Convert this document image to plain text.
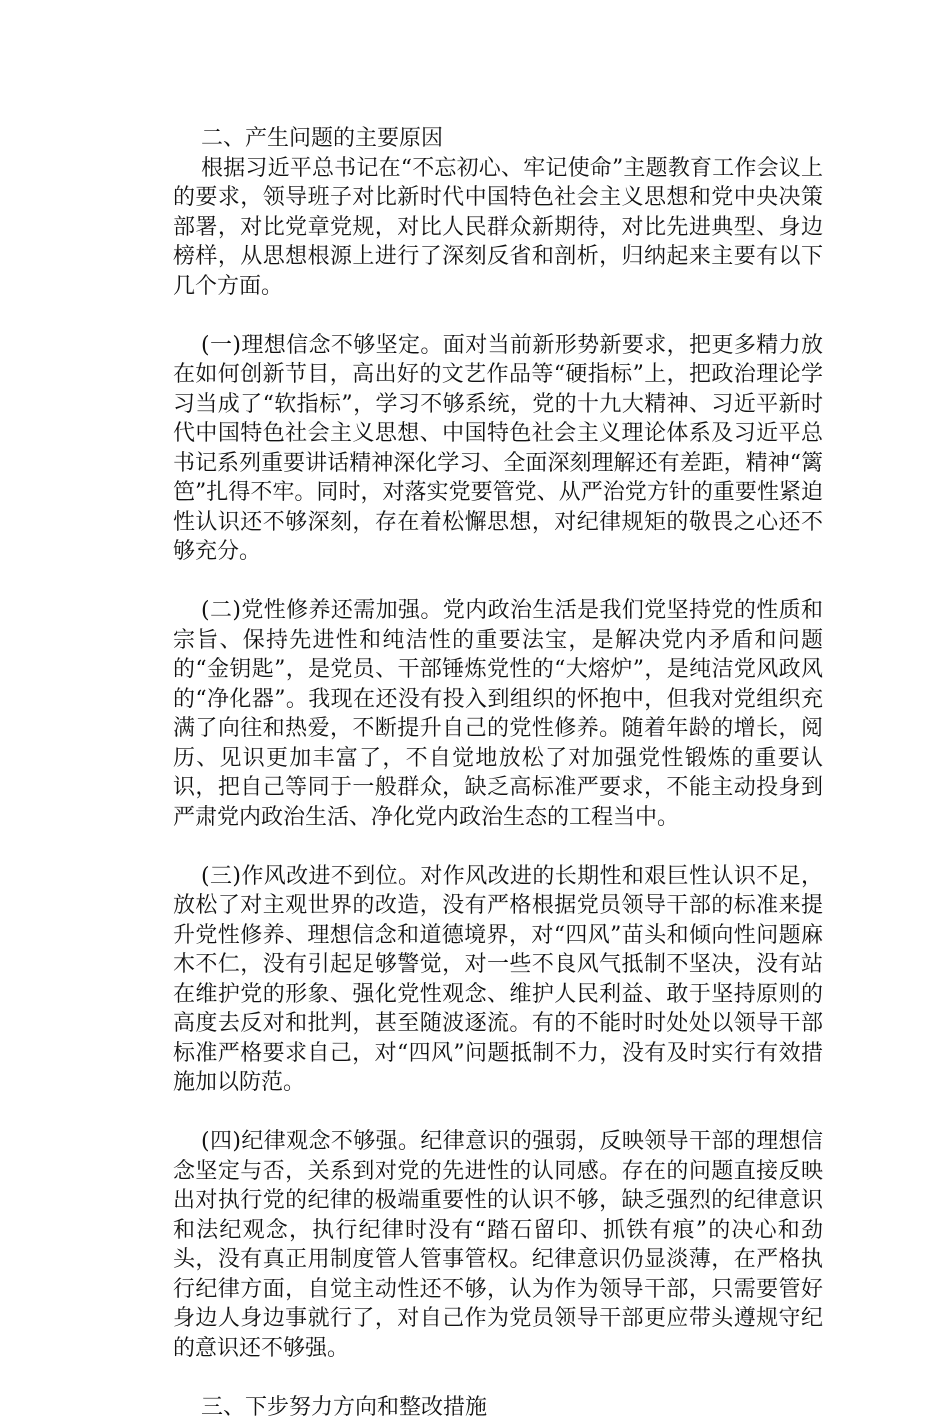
二、产生问题的主要原因

根据习近平总书记在“不忘初心、牢记使命”主题教育工作会议上的要求，领导班子对比新时代中国特色社会主义思想和党中央决策部署，对比党章党规，对比人民群众新期待，对比先进典型、身边榜样，从思想根源上进行了深刻反省和剖析，归纳起来主要有以下几个方面。

(一)理想信念不够坚定。面对当前新形势新要求，把更多精力放在如何创新节目，高出好的文艺作品等“硬指标”上，把政治理论学习当成了“软指标”，学习不够系统，党的十九大精神、习近平新时代中国特色社会主义思想、中国特色社会主义理论体系及习近平总书记系列重要讲话精神深化学习、全面深刻理解还有差距，精神“篱笆”扎得不牢。同时，对落实党要管党、从严治党方针的重要性紧迫性认识还不够深刻，存在着松懈思想，对纪律规矩的敬畏之心还不够充分。

(二)党性修养还需加强。党内政治生活是我们党坚持党的性质和宗旨、保持先进性和纯洁性的重要法宝，是解决党内矛盾和问题的“金钥匙”，是党员、干部锤炼党性的“大熔炉”，是纯洁党风政风的“净化器”。我现在还没有投入到组织的怀抱中，但我对党组织充满了向往和热爱，不断提升自己的党性修养。随着年龄的增长，阅历、见识更加丰富了，不自觉地放松了对加强党性锻炼的重要认识，把自己等同于一般群众，缺乏高标准严要求，不能主动投身到严肃党内政治生活、净化党内政治生态的工程当中。

(三)作风改进不到位。对作风改进的长期性和艰巨性认识不足，放松了对主观世界的改造，没有严格根据党员领导干部的标准来提升党性修养、理想信念和道德境界，对“四风”苗头和倾向性问题麻木不仁，没有引起足够警觉，对一些不良风气抵制不坚决，没有站在维护党的形象、强化党性观念、维护人民利益、敢于坚持原则的高度去反对和批判，甚至随波逐流。有的不能时时处处以领导干部标准严格要求自己，对“四风”问题抵制不力，没有及时实行有效措施加以防范。

(四)纪律观念不够强。纪律意识的强弱，反映领导干部的理想信念坚定与否，关系到对党的先进性的认同感。存在的问题直接反映出对执行党的纪律的极端重要性的认识不够，缺乏强烈的纪律意识和法纪观念，执行纪律时没有“踏石留印、抓铁有痕”的决心和劲头，没有真正用制度管人管事管权。纪律意识仍显淡薄，在严格执行纪律方面，自觉主动性还不够，认为作为领导干部，只需要管好身边人身边事就行了，对自己作为党员领导干部更应带头遵规守纪的意识还不够强。

三、下步努力方向和整改措施
